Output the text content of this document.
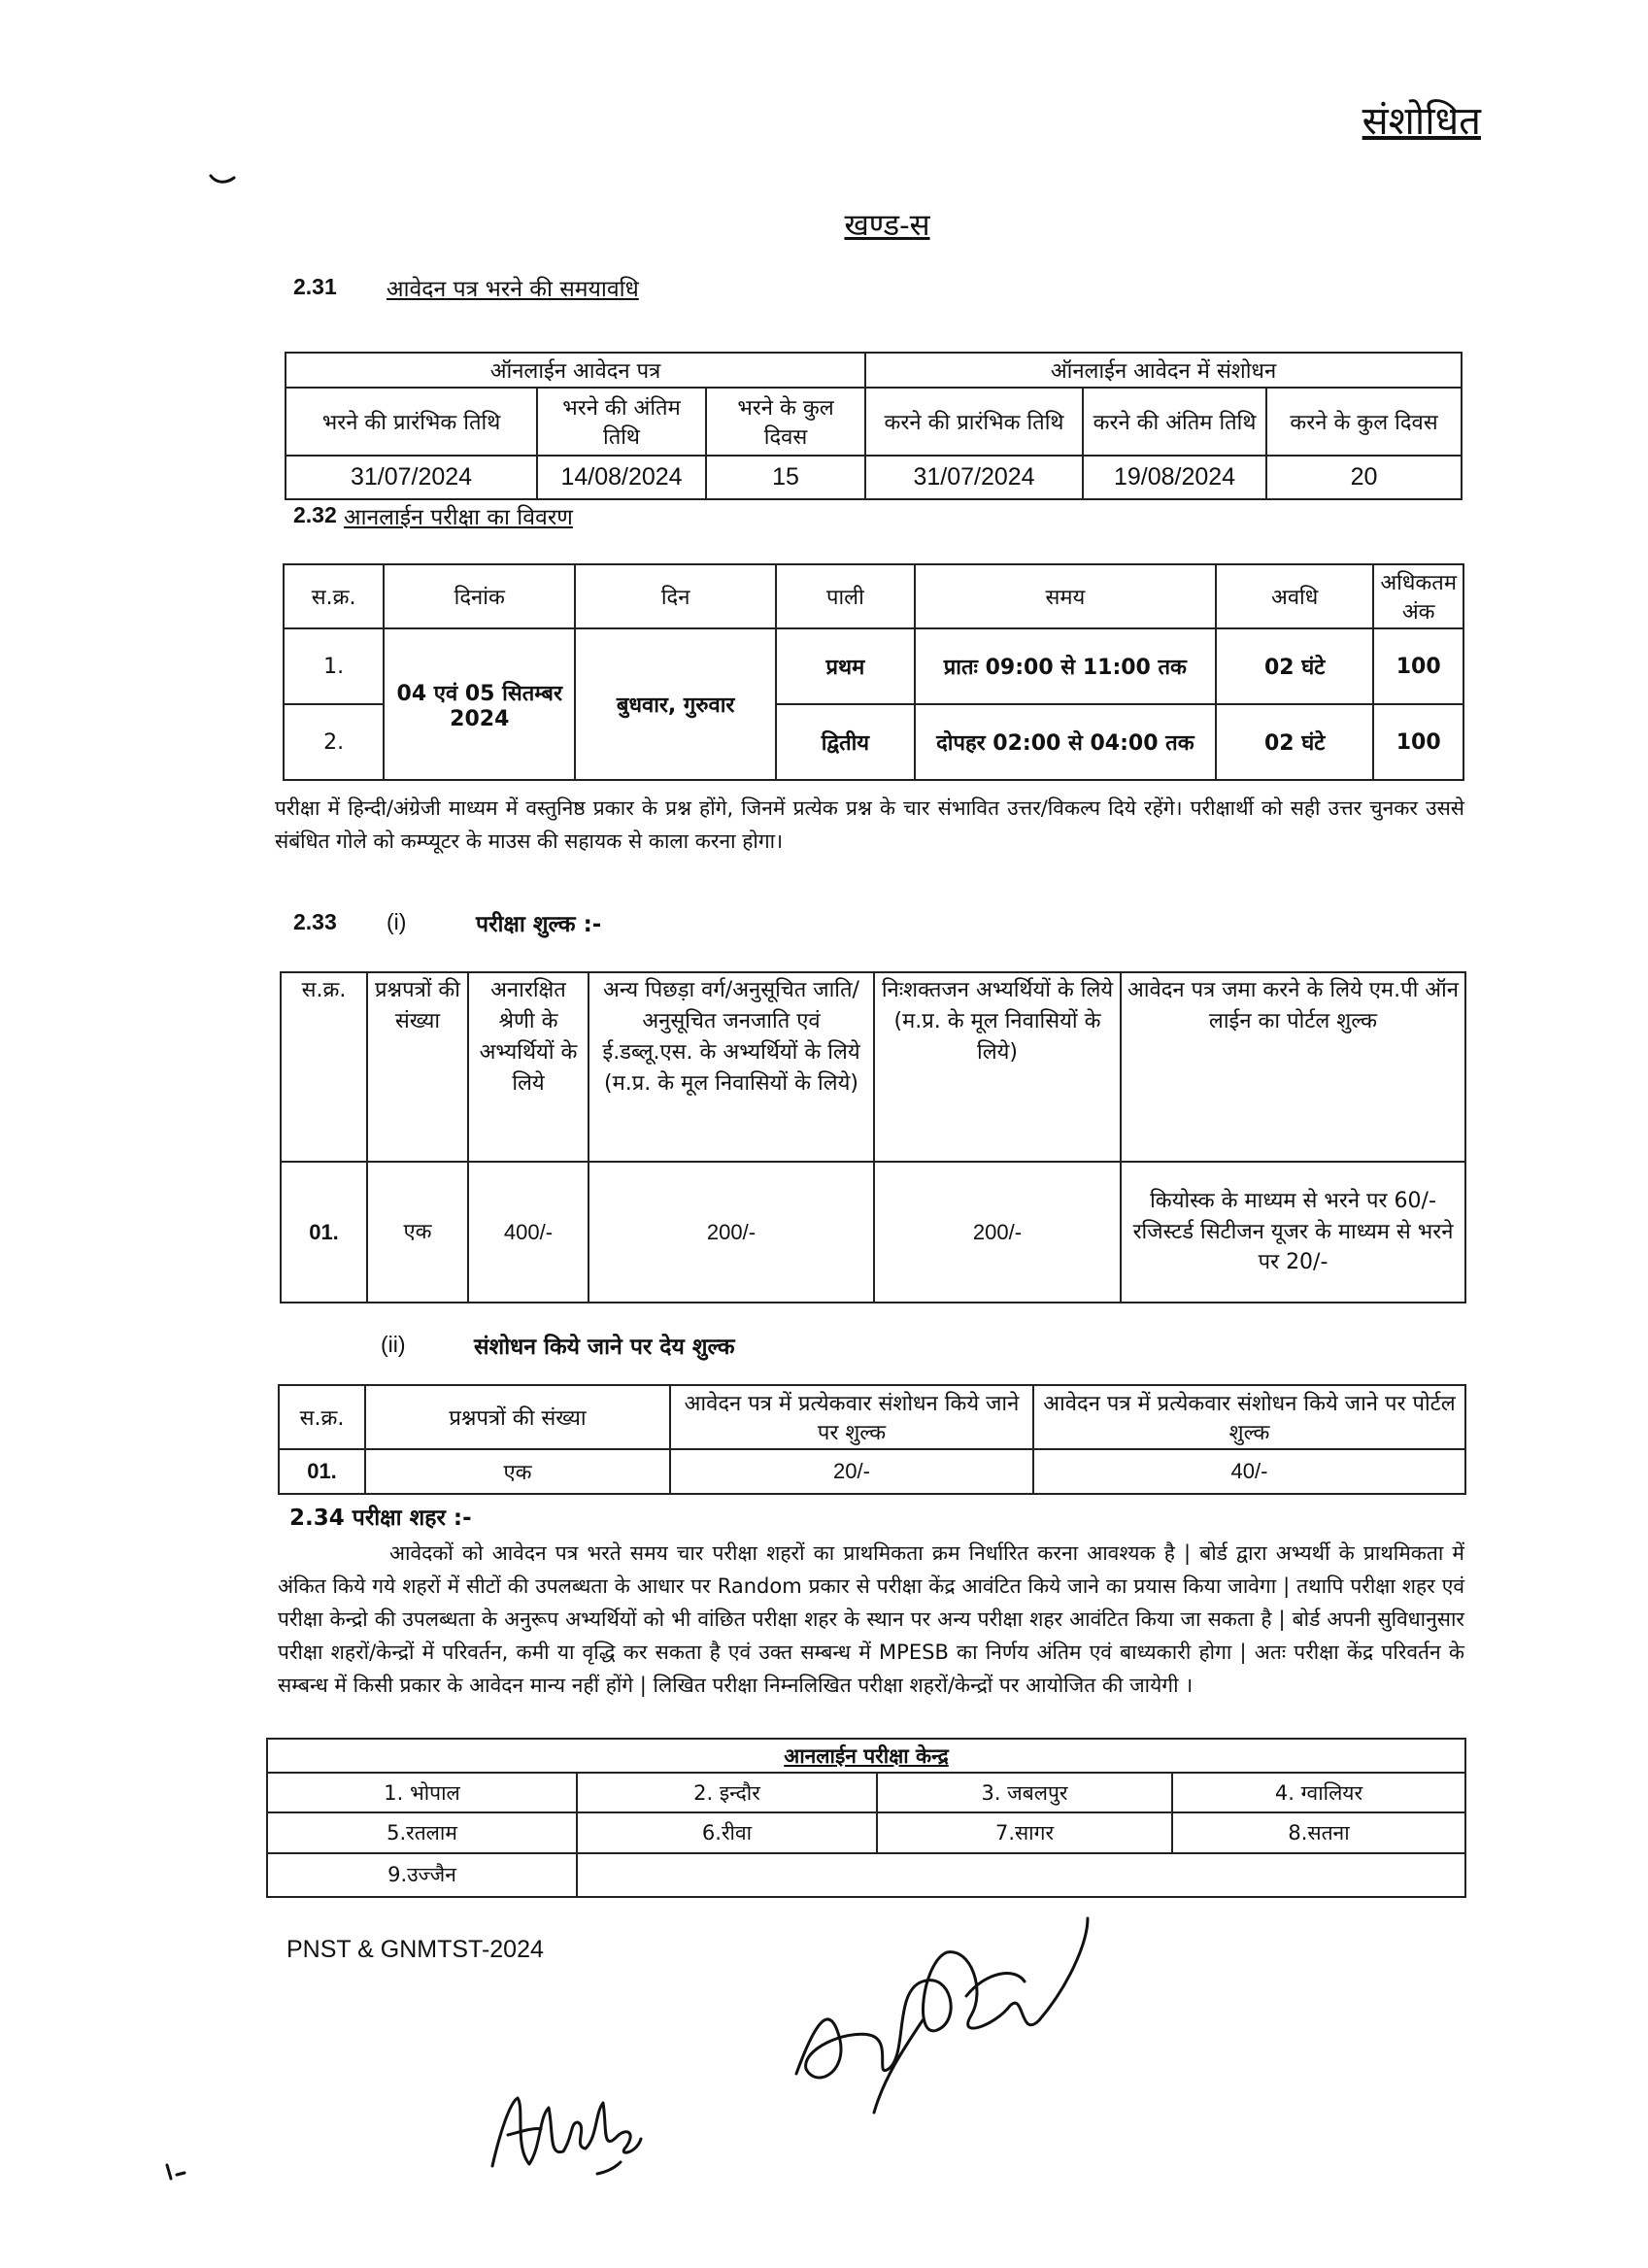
संशोधित
खण्ड-स
2.31 आवेदन पत्र भरने की समयावधि
ऑनलाईन आवेदन पत्र			ऑनलाईन आवेदन में संशोधन		
भरने की प्रारंभिक तिथि	भरने की अंतिम तिथि	भरने के कुल दिवस	करने की प्रारंभिक तिथि	करने की अंतिम तिथि	करने के कुल दिवस
31/07/2024	14/08/2024	15	31/07/2024	19/08/2024	20
2.32 आनलाईन परीक्षा का विवरण
स.क्र.	दिनांक	दिन	पाली	समय	अवधि	अधिकतम अंक
1.	04 एवं 05 सितम्बर 2024	बुधवार, गुरुवार	प्रथम	प्रातः 09:00 से 11:00 तक	02 घंटे	100
2.			द्वितीय	दोपहर 02:00 से 04:00 तक	02 घंटे	100

परीक्षा में हिन्दी/अंग्रेजी माध्यम में वस्तुनिष्ठ प्रकार के प्रश्न होंगे, जिनमें प्रत्येक प्रश्न के चार संभावित उत्तर/विकल्प दिये रहेंगे। परीक्षार्थी को सही उत्तर चुनकर उससे संबंधित गोले को कम्प्यूटर के माउस की सहायक से काला करना होगा।

2.33 (i)	परीक्षा शुल्क :-
स.क्र.	प्रश्नपत्रों की संख्या	अनारक्षित श्रेणी के अभ्यर्थियों के लिये	अन्य पिछड़ा वर्ग/अनुसूचित जाति/अनुसूचित जनजाति एवं ई.डब्लू.एस. के अभ्यर्थियों के लिये (म.प्र. के मूल निवासियों के लिये)	निःशक्तजन अभ्यर्थियों के लिये (म.प्र. के मूल निवासियों के लिये)	आवेदन पत्र जमा करने के लिये एम.पी ऑन लाईन का पोर्टल शुल्क
01.	एक	400/-	200/-	200/-	कियोस्क के माध्यम से भरने पर 60/-
रजिस्टर्ड सिटीजन यूजर के माध्यम से भरने पर 20/-
(ii)	संशोधन किये जाने पर देय शुल्क
स.क्र.	प्रश्नपत्रों की संख्या	आवेदन पत्र में प्रत्येकवार संशोधन किये जाने पर शुल्क	आवेदन पत्र में प्रत्येकवार संशोधन किये जाने पर पोर्टल शुल्क
01.	एक	20/-	40/-
2.34 परीक्षा शहर :-

आवेदकों को आवेदन पत्र भरते समय चार परीक्षा शहरों का प्राथमिकता क्रम निर्धारित करना आवश्यक है | बोर्ड द्वारा अभ्यर्थी के प्राथमिकता में अंकित किये गये शहरों में सीटों की उपलब्धता के आधार पर Random प्रकार से परीक्षा केंद्र आवंटित किये जाने का प्रयास किया जावेगा | तथापि परीक्षा शहर एवं परीक्षा केन्द्रो की उपलब्धता के अनुरूप अभ्यर्थियों को भी वांछित परीक्षा शहर के स्थान पर अन्य परीक्षा शहर आवंटित किया जा सकता है | बोर्ड अपनी सुविधानुसार परीक्षा शहरों/केन्द्रों में परिवर्तन, कमी या वृद्धि कर सकता है एवं उक्त सम्बन्ध में MPESB का निर्णय अंतिम एवं बाध्यकारी होगा | अतः परीक्षा केंद्र परिवर्तन के सम्बन्ध में किसी प्रकार के आवेदन मान्य नहीं होंगे | लिखित परीक्षा निम्नलिखित परीक्षा शहरों/केन्द्रों पर आयोजित की जायेगी ।

आनलाईन परीक्षा केन्द्र			
1. भोपाल	2. इन्दौर	3. जबलपुर	4. ग्वालियर
5.रतलाम	6.रीवा	7.सागर	8.सतना
9.उज्जैन			
PNST & GNMTST-2024
